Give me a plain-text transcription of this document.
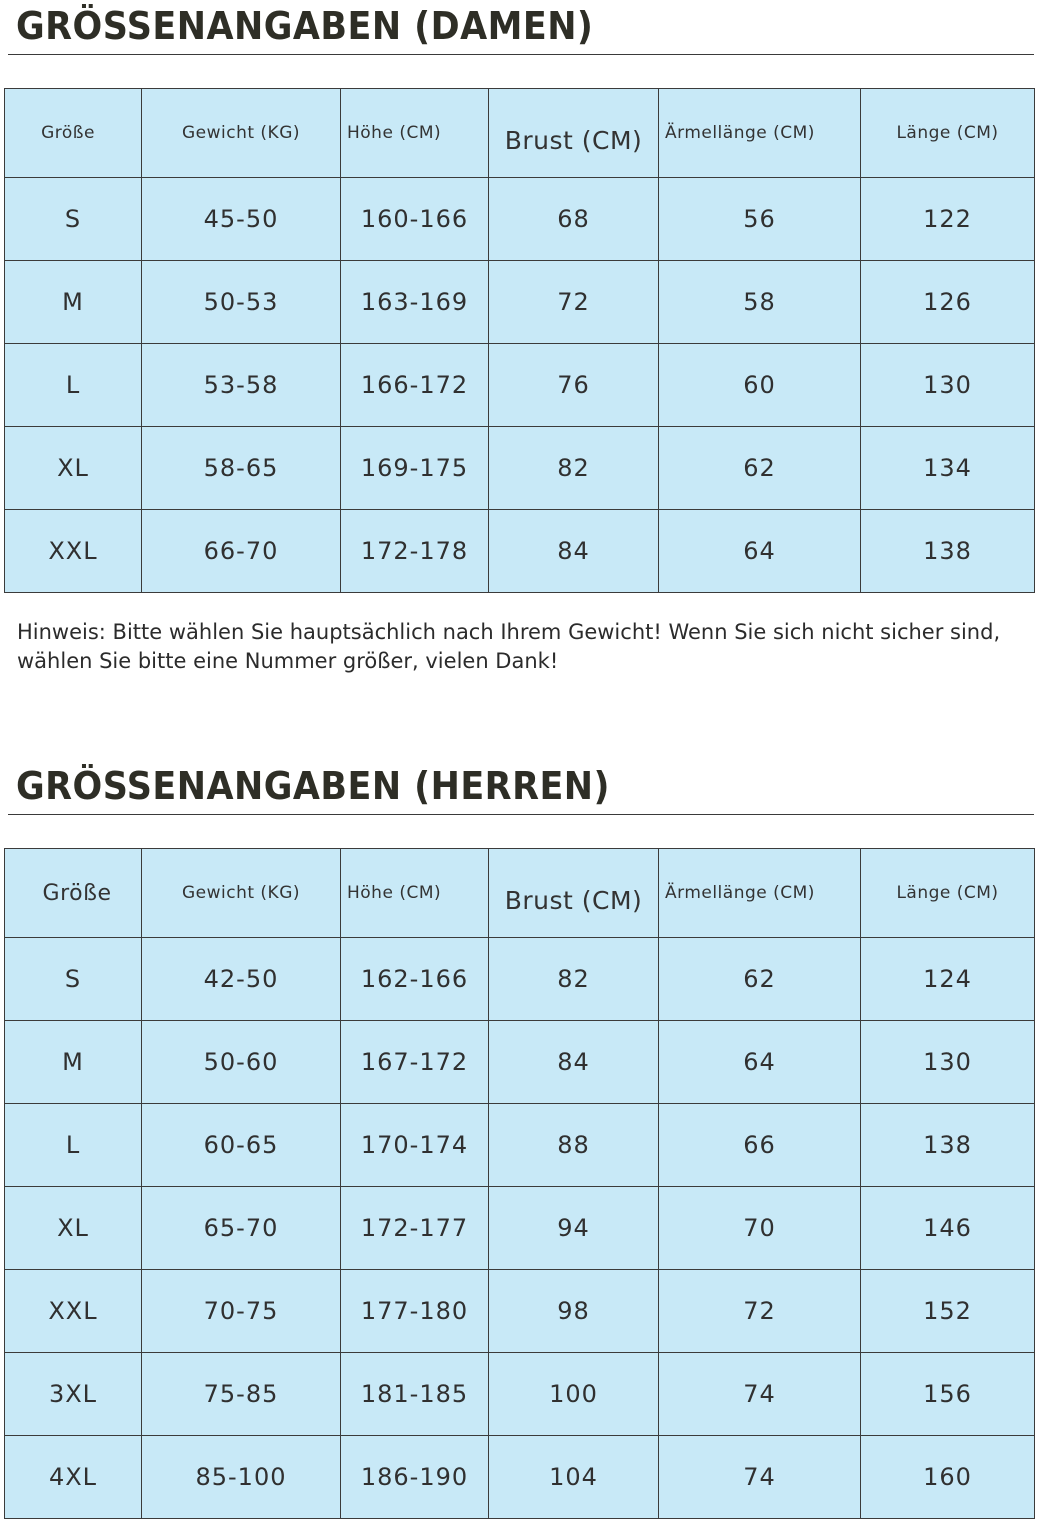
GRÖSSENANGABEN (DAMEN)
Größe	Gewicht (KG)	Höhe (CM)	Brust (CM)	Ärmellänge (CM)	Länge (CM)
S	45-50	160-166	68	56	122
M	50-53	163-169	72	58	126
L	53-58	166-172	76	60	130
XL	58-65	169-175	82	62	134
XXL	66-70	172-178	84	64	138

Hinweis: Bitte wählen Sie hauptsächlich nach Ihrem Gewicht! Wenn Sie sich nicht sicher sind, wählen Sie bitte eine Nummer größer, vielen Dank!

GRÖSSENANGABEN (HERREN)
Größe	Gewicht (KG)	Höhe (CM)	Brust (CM)	Ärmellänge (CM)	Länge (CM)
S	42-50	162-166	82	62	124
M	50-60	167-172	84	64	130
L	60-65	170-174	88	66	138
XL	65-70	172-177	94	70	146
XXL	70-75	177-180	98	72	152
3XL	75-85	181-185	100	74	156
4XL	85-100	186-190	104	74	160
